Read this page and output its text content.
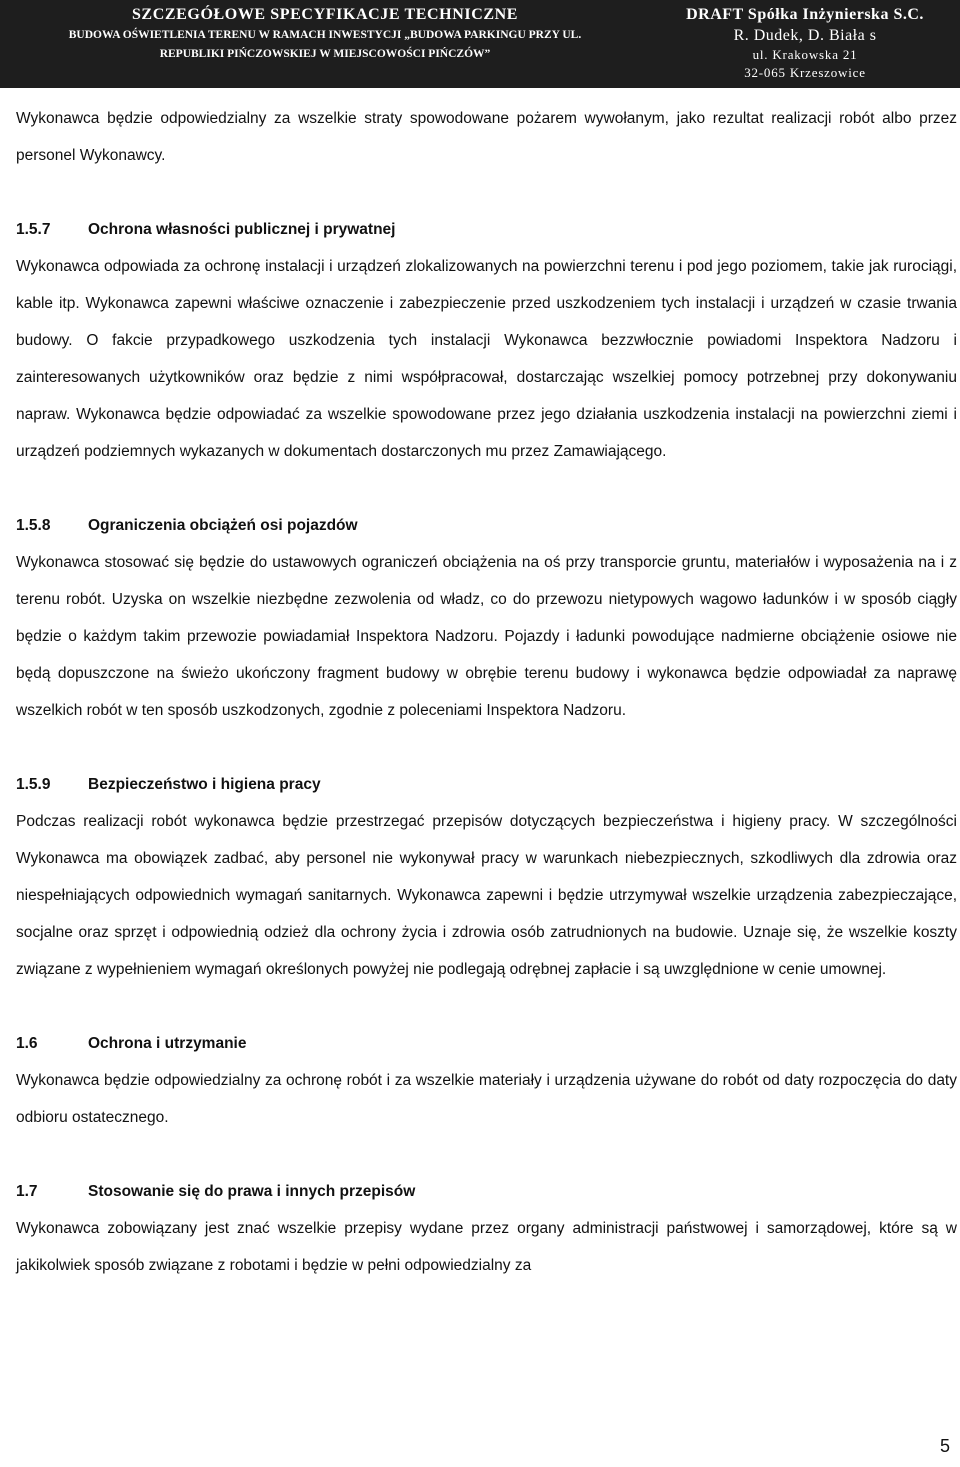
SZCZEGÓŁOWE SPECYFIKACJE TECHNICZNE
BUDOWA OŚWIETLENIA TERENU W RAMACH INWESTYCJI „BUDOWA PARKINGU PRZY UL.
REPUBLIKI PIŃCZOWSKIEJ W MIEJSCOWOŚCI PIŃCZÓW”
DRAFT Spółka Inżynierska S.C.
R. Dudek, D. Biała s
ul. Krakowska 21
32-065 Krzeszowice

Wykonawca będzie odpowiedzialny za wszelkie straty spowodowane pożarem wywołanym, jako rezultat realizacji robót albo przez personel Wykonawcy.

1.5.7	Ochrona własności publicznej i prywatnej

Wykonawca odpowiada za ochronę instalacji i urządzeń zlokalizowanych na powierzchni terenu i pod jego poziomem, takie jak rurociągi, kable itp. Wykonawca zapewni właściwe oznaczenie i zabezpieczenie przed uszkodzeniem tych instalacji i urządzeń w czasie trwania budowy. O fakcie przypadkowego uszkodzenia tych instalacji Wykonawca bezzwłocznie powiadomi Inspektora Nadzoru i zainteresowanych użytkowników oraz będzie z nimi współpracował, dostarczając wszelkiej pomocy potrzebnej przy dokonywaniu napraw. Wykonawca będzie odpowiadać za wszelkie spowodowane przez jego działania uszkodzenia instalacji na powierzchni ziemi i urządzeń podziemnych wykazanych w dokumentach dostarczonych mu przez Zamawiającego.

1.5.8	Ograniczenia obciążeń osi pojazdów

Wykonawca stosować się będzie do ustawowych ograniczeń obciążenia na oś przy transporcie gruntu, materiałów i wyposażenia na i z terenu robót. Uzyska on wszelkie niezbędne zezwolenia od władz, co do przewozu nietypowych wagowo ładunków i w sposób ciągły będzie o każdym takim przewozie powiadamiał Inspektora Nadzoru. Pojazdy i ładunki powodujące nadmierne obciążenie osiowe nie będą dopuszczone na świeżo ukończony fragment budowy w obrębie terenu budowy i wykonawca będzie odpowiadał za naprawę wszelkich robót w ten sposób uszkodzonych, zgodnie z poleceniami Inspektora Nadzoru.

1.5.9	Bezpieczeństwo i higiena pracy

Podczas realizacji robót wykonawca będzie przestrzegać przepisów dotyczących bezpieczeństwa i higieny pracy. W szczególności Wykonawca ma obowiązek zadbać, aby personel nie wykonywał pracy w warunkach niebezpiecznych, szkodliwych dla zdrowia oraz niespełniających odpowiednich wymagań sanitarnych. Wykonawca zapewni i będzie utrzymywał wszelkie urządzenia zabezpieczające, socjalne oraz sprzęt i odpowiednią odzież dla ochrony życia i zdrowia osób zatrudnionych na budowie. Uznaje się, że wszelkie koszty związane z wypełnieniem wymagań określonych powyżej nie podlegają odrębnej zapłacie i są uwzględnione w cenie umownej.

1.6	Ochrona i utrzymanie

Wykonawca będzie odpowiedzialny za ochronę robót i za wszelkie materiały i urządzenia używane do robót od daty rozpoczęcia do daty odbioru ostatecznego.

1.7	Stosowanie się do prawa i innych przepisów

Wykonawca zobowiązany jest znać wszelkie przepisy wydane przez organy administracji państwowej i samorządowej, które są w jakikolwiek sposób związane z robotami i będzie w pełni odpowiedzialny za

5
